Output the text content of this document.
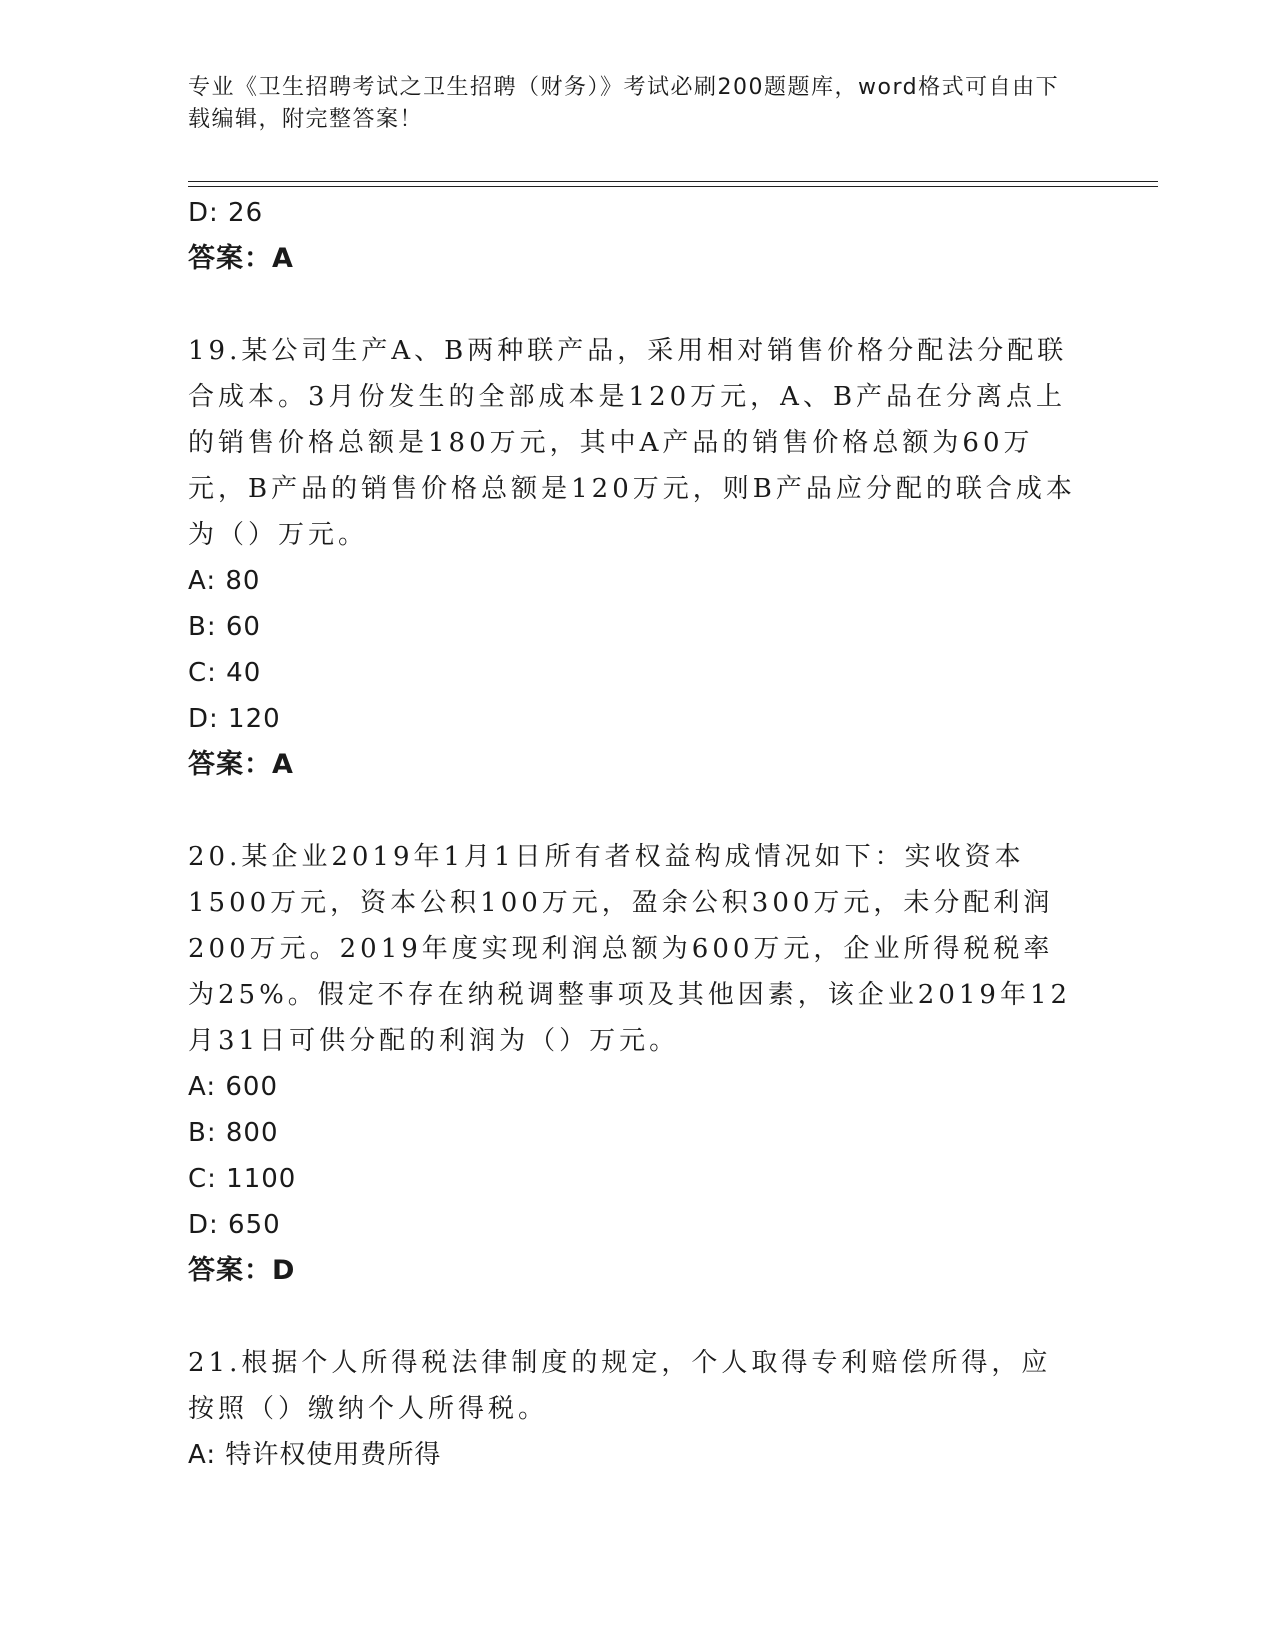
专业《卫生招聘考试之卫生招聘（财务）》考试必刷200题题库，word格式可自由下载编辑，附完整答案！
D: 26
答案：A
19.某公司生产A、B两种联产品，采用相对销售价格分配法分配联合成本。3月份发生的全部成本是120万元，A、B产品在分离点上的销售价格总额是180万元，其中A产品的销售价格总额为60万元，B产品的销售价格总额是120万元，则B产品应分配的联合成本为（）万元。
A: 80
B: 60
C: 40
D: 120
答案：A
20.某企业2019年1月1日所有者权益构成情况如下：实收资本1500万元，资本公积100万元，盈余公积300万元，未分配利润200万元。2019年度实现利润总额为600万元，企业所得税税率为25%。假定不存在纳税调整事项及其他因素，该企业2019年12月31日可供分配的利润为（）万元。
A: 600
B: 800
C: 1100
D: 650
答案：D
21.根据个人所得税法律制度的规定，个人取得专利赔偿所得，应按照（）缴纳个人所得税。
A: 特许权使用费所得
